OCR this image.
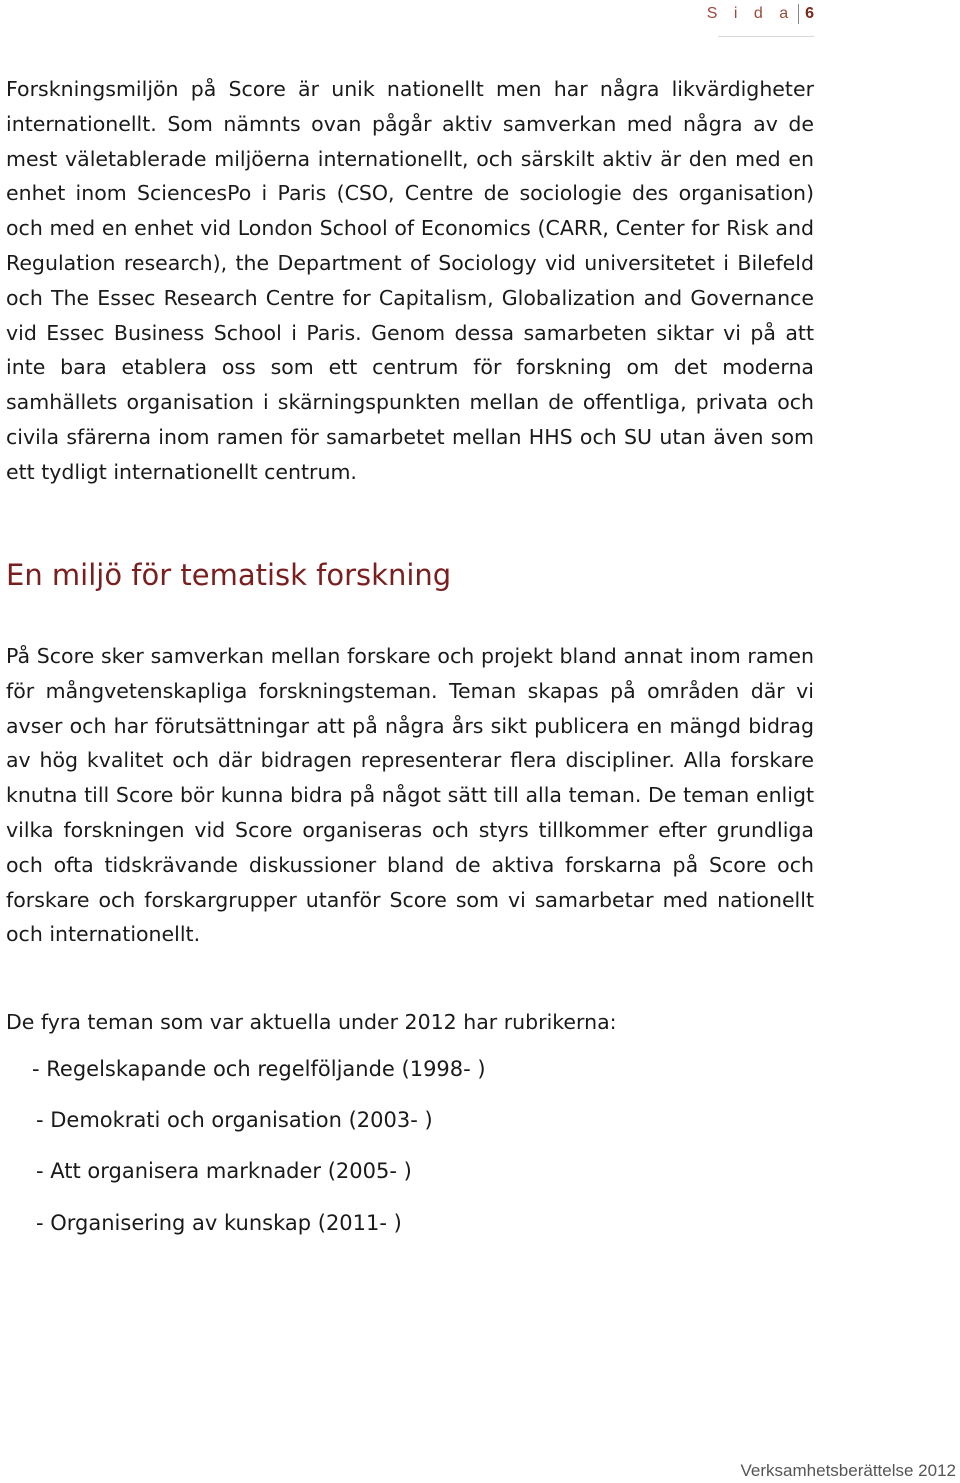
S i d a 6

Forskningsmiljön på Score är unik nationellt men har några likvärdigheter internationellt. Som nämnts ovan pågår aktiv samverkan med några av de mest väletablerade miljöerna internationellt, och särskilt aktiv är den med en enhet inom SciencesPo i Paris (CSO, Centre de sociologie des organisation) och med en enhet vid London School of Economics (CARR, Center for Risk and Regulation research), the Department of Sociology vid universitetet i Bilefeld och The Essec Research Centre for Capitalism, Globalization and Governance vid Essec Business School i Paris. Genom dessa samarbeten siktar vi på att inte bara etablera oss som ett centrum för forskning om det moderna samhällets organisation i skärningspunkten mellan de offentliga, privata och civila sfärerna inom ramen för samarbetet mellan HHS och SU utan även som ett tydligt internationellt centrum.

En miljö för tematisk forskning

På Score sker samverkan mellan forskare och projekt bland annat inom ramen för mångvetenskapliga forskningsteman. Teman skapas på områden där vi avser och har förutsättningar att på några års sikt publicera en mängd bidrag av hög kvalitet och där bidragen representerar flera discipliner. Alla forskare knutna till Score bör kunna bidra på något sätt till alla teman. De teman enligt vilka forskningen vid Score organiseras och styrs tillkommer efter grundliga och ofta tidskrävande diskussioner bland de aktiva forskarna på Score och forskare och forskargrupper utanför Score som vi samarbetar med nationellt och internationellt.

De fyra teman som var aktuella under 2012 har rubrikerna:

- Regelskapande och regelföljande (1998- )
- Demokrati och organisation (2003- )
- Att organisera marknader (2005- )
- Organisering av kunskap (2011- )
Verksamhetsberättelse 2012
